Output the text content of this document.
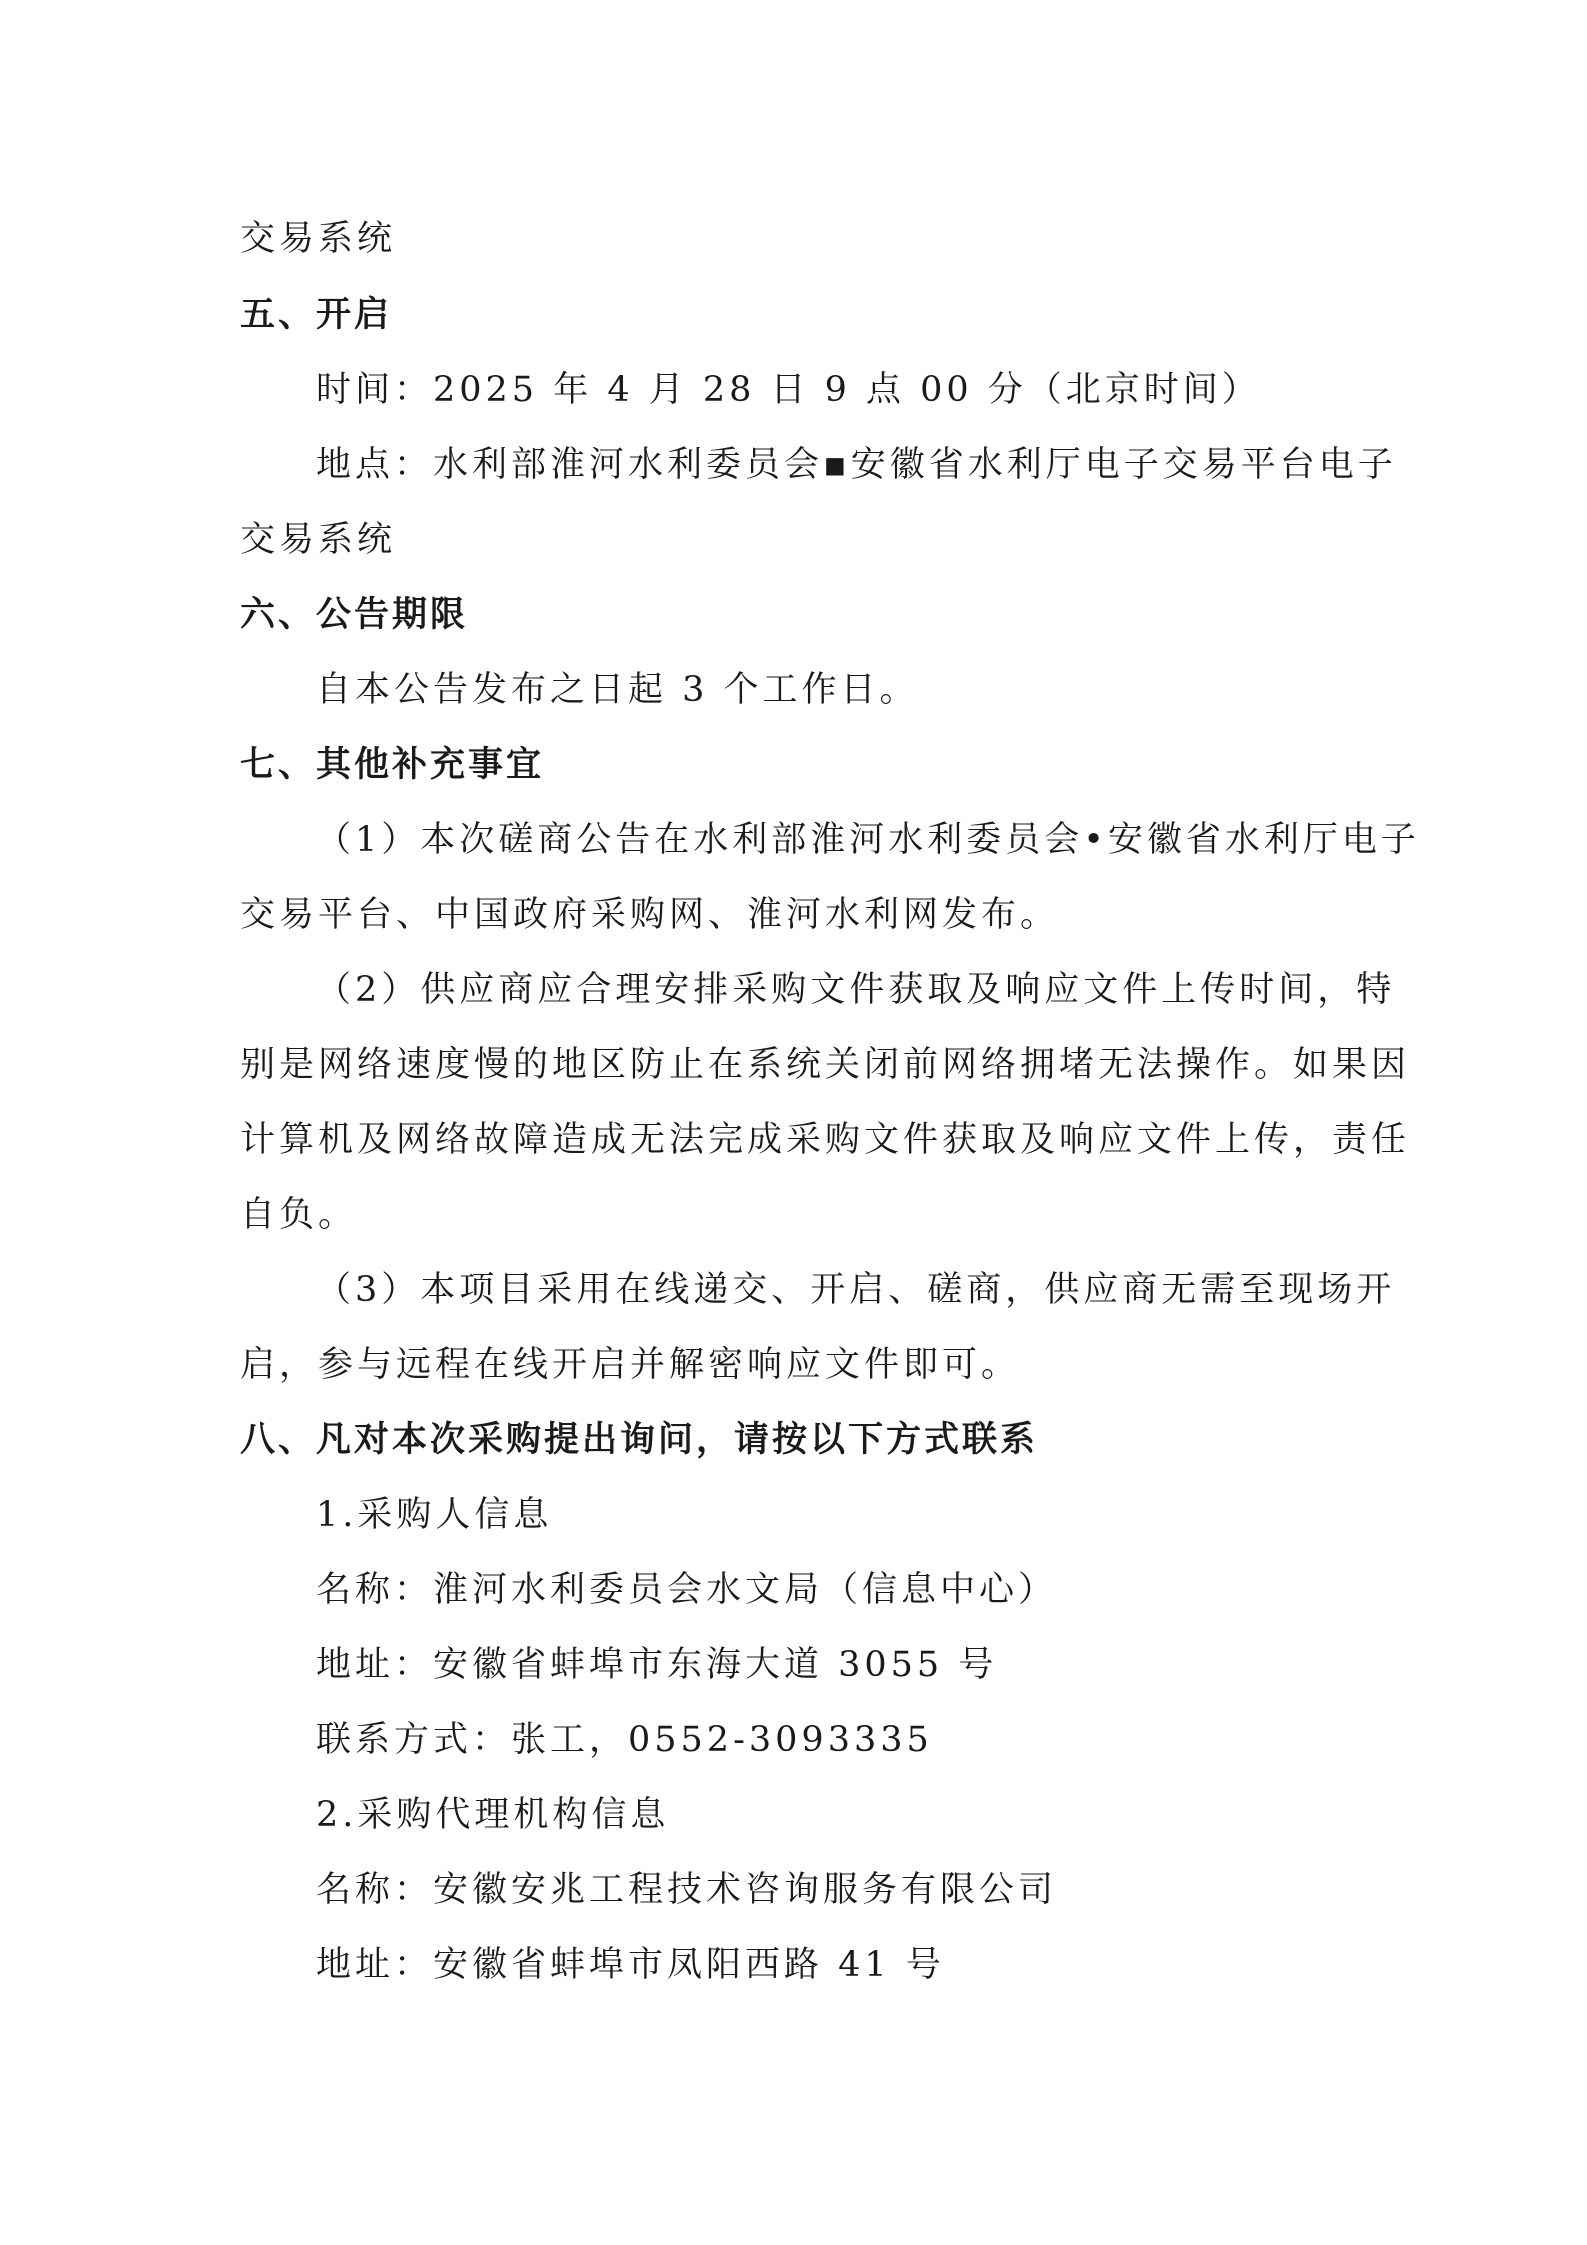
交易系统
五、开启
时间：2025 年 4 月 28 日 9 点 00 分（北京时间）
地点：水利部淮河水利委员会▪安徽省水利厅电子交易平台电子
交易系统
六、公告期限
自本公告发布之日起 3 个工作日。
七、其他补充事宜
（1）本次磋商公告在水利部淮河水利委员会•安徽省水利厅电子
交易平台、中国政府采购网、淮河水利网发布。
（2）供应商应合理安排采购文件获取及响应文件上传时间，特
别是网络速度慢的地区防止在系统关闭前网络拥堵无法操作。如果因
计算机及网络故障造成无法完成采购文件获取及响应文件上传，责任
自负。
（3）本项目采用在线递交、开启、磋商，供应商无需至现场开
启，参与远程在线开启并解密响应文件即可。
八、凡对本次采购提出询问，请按以下方式联系
1.采购人信息
名称：淮河水利委员会水文局（信息中心）
地址：安徽省蚌埠市东海大道 3055 号
联系方式：张工，0552-3093335
2.采购代理机构信息
名称：安徽安兆工程技术咨询服务有限公司
地址：安徽省蚌埠市凤阳西路 41 号
